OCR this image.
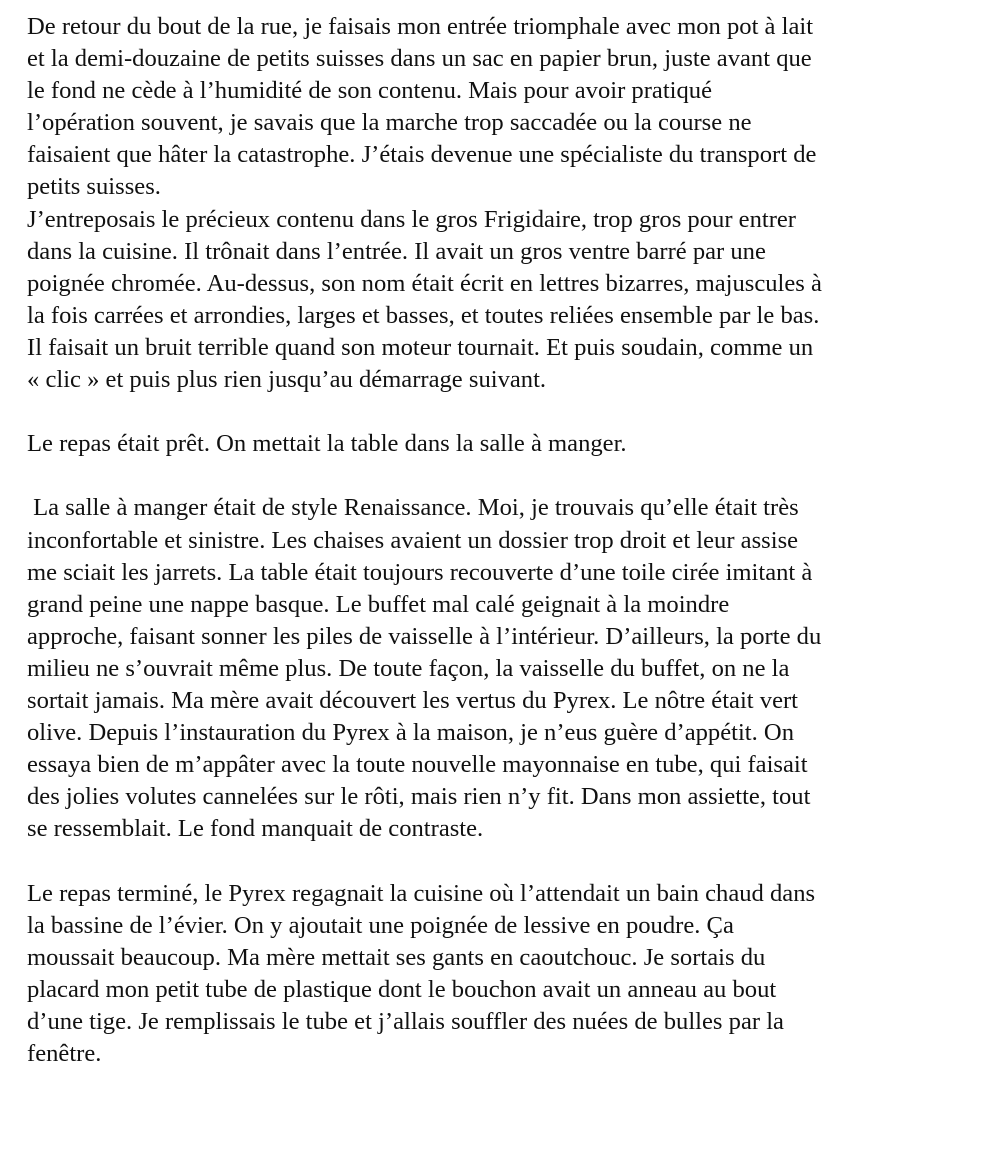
De retour du bout de la rue, je faisais mon entrée triomphale avec mon pot à lait
et la demi-douzaine de petits suisses dans un sac en papier brun, juste avant que
le fond ne cède à l’humidité de son contenu. Mais pour avoir pratiqué
l’opération souvent, je savais que la marche trop saccadée ou la course ne
faisaient que hâter la catastrophe. J’étais devenue une spécialiste du transport de
petits suisses.
J’entreposais le précieux contenu dans le gros Frigidaire, trop gros pour entrer
dans la cuisine. Il trônait dans l’entrée. Il avait un gros ventre barré par une
poignée chromée. Au-dessus, son nom était écrit en lettres bizarres, majuscules à
la fois carrées et arrondies, larges et basses, et toutes reliées ensemble par le bas.
Il faisait un bruit terrible quand son moteur tournait. Et puis soudain, comme un
« clic » et puis plus rien jusqu’au démarrage suivant.
Le repas était prêt. On mettait la table dans la salle à manger.
La salle à manger était de style Renaissance. Moi, je trouvais qu’elle était très
inconfortable et sinistre. Les chaises avaient un dossier trop droit et leur assise
me sciait les jarrets. La table était toujours recouverte d’une toile cirée imitant à
grand peine une nappe basque. Le buffet mal calé geignait à la moindre
approche, faisant sonner les piles de vaisselle à l’intérieur. D’ailleurs, la porte du
milieu ne s’ouvrait même plus. De toute façon, la vaisselle du buffet, on ne la
sortait jamais. Ma mère avait découvert les vertus du Pyrex. Le nôtre était vert
olive. Depuis l’instauration du Pyrex à la maison, je n’eus guère d’appétit. On
essaya bien de m’appâter avec la toute nouvelle mayonnaise en tube, qui faisait
des jolies volutes cannelées sur le rôti, mais rien n’y fit. Dans mon assiette, tout
se ressemblait. Le fond manquait de contraste.
Le repas terminé, le Pyrex regagnait la cuisine où l’attendait un bain chaud dans
la bassine de l’évier. On y ajoutait une poignée de lessive en poudre. Ça
moussait beaucoup. Ma mère mettait ses gants en caoutchouc. Je sortais du
placard mon petit tube de plastique dont le bouchon avait un anneau au bout
d’une tige. Je remplissais le tube et j’allais souffler des nuées de bulles par la
fenêtre.
